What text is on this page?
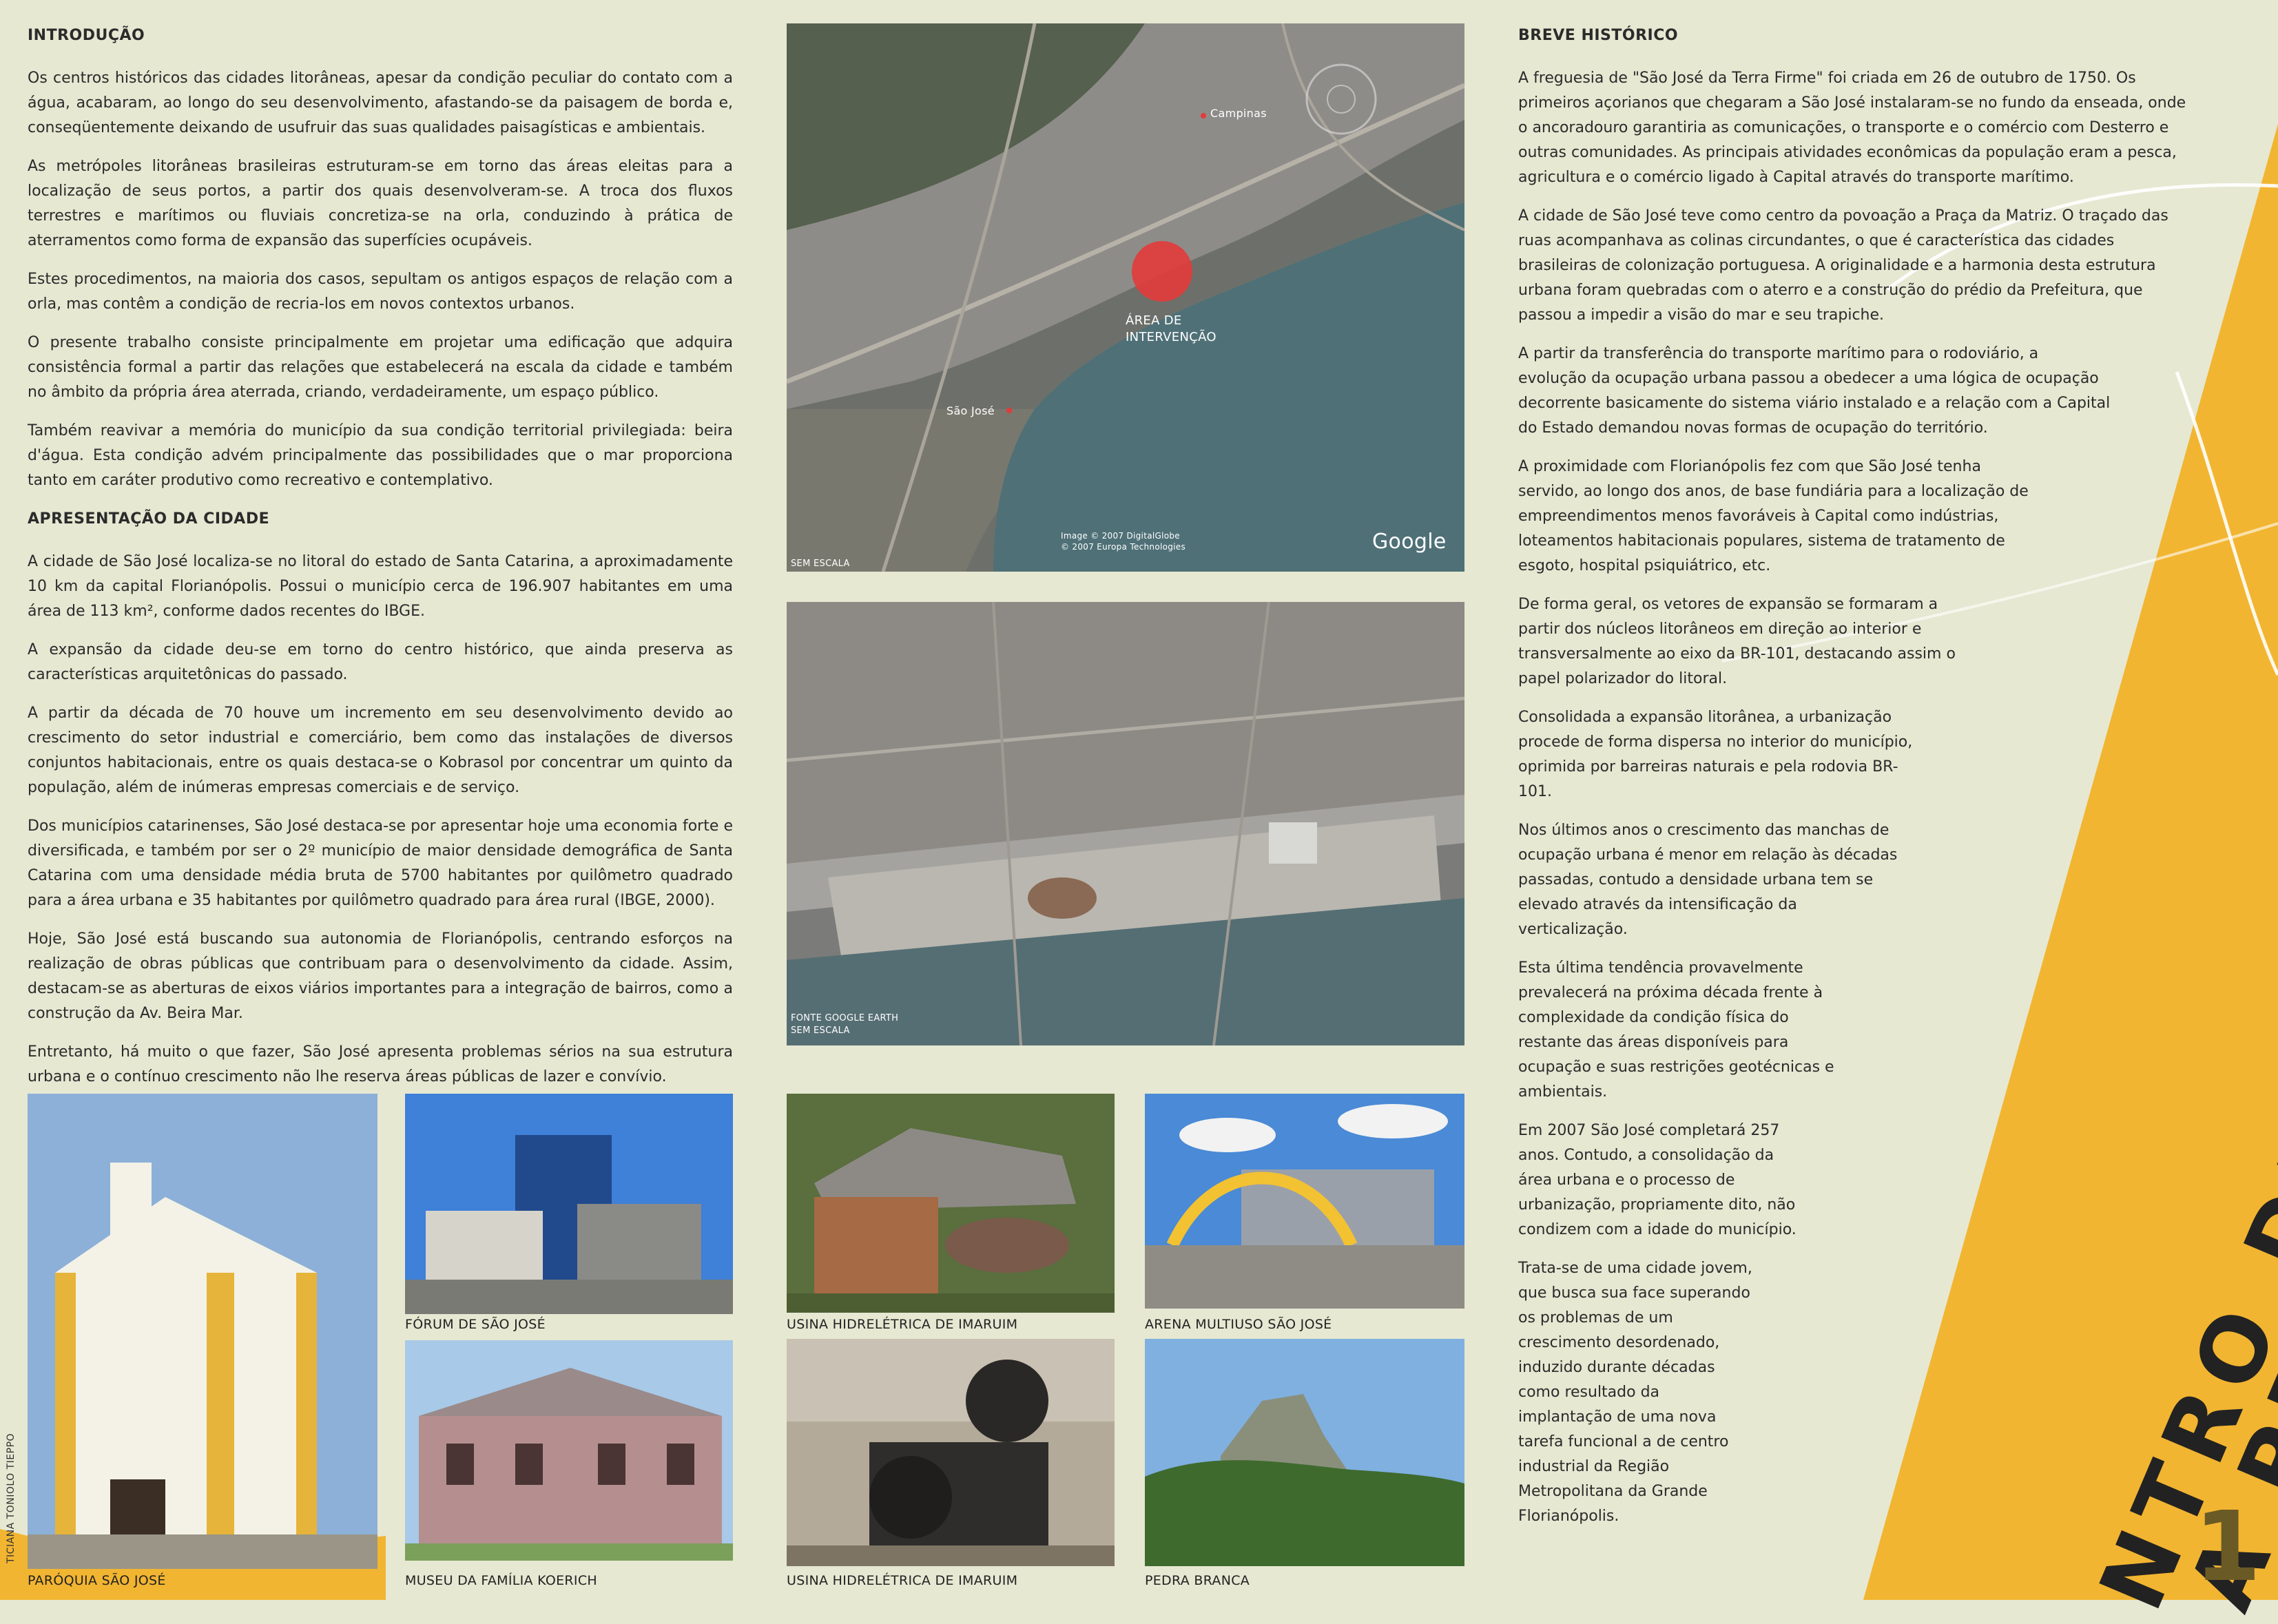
INTRODUÇÃO

Os centros históricos das cidades litorâneas, apesar da condição peculiar do contato com a água, acabaram, ao longo do seu desenvolvimento, afastando-se da paisagem de borda e, conseqüentemente deixando de usufruir das suas qualidades paisagísticas e ambientais.

As metrópoles litorâneas brasileiras estruturam-se em torno das áreas eleitas para a localização de seus portos, a partir dos quais desenvolveram-se. A troca dos fluxos terrestres e marítimos ou fluviais concretiza-se na orla, conduzindo à prática de aterramentos como forma de expansão das superfícies ocupáveis.

Estes procedimentos, na maioria dos casos, sepultam os antigos espaços de relação com a orla, mas contêm a condição de recria-los em novos contextos urbanos.

O presente trabalho consiste principalmente em projetar uma edificação que adquira consistência formal a partir das relações que estabelecerá na escala da cidade e também no âmbito da própria área aterrada, criando, verdadeiramente, um espaço público.

Também reavivar a memória do município da sua condição territorial privilegiada: beira d'água. Esta condição advém principalmente das possibilidades que o mar proporciona tanto em caráter produtivo como recreativo e contemplativo.

APRESENTAÇÃO DA CIDADE

A cidade de São José localiza-se no litoral do estado de Santa Catarina, a aproximadamente 10 km da capital Florianópolis. Possui o município cerca de 196.907 habitantes em uma área de 113 km², conforme dados recentes do IBGE.

A expansão da cidade deu-se em torno do centro histórico, que ainda preserva as características arquitetônicas do passado.

A partir da década de 70 houve um incremento em seu desenvolvimento devido ao crescimento do setor industrial e comerciário, bem como das instalações de diversos conjuntos habitacionais, entre os quais destaca-se o Kobrasol por concentrar um quinto da população, além de inúmeras empresas comerciais e de serviço.

Dos municípios catarinenses, São José destaca-se por apresentar hoje uma economia forte e diversificada, e também por ser o 2º município de maior densidade demográfica de Santa Catarina com uma densidade média bruta de 5700 habitantes por quilômetro quadrado para a área urbana e 35 habitantes por quilômetro quadrado para área rural (IBGE, 2000).

Hoje, São José está buscando sua autonomia de Florianópolis, centrando esforços na realização de obras públicas que contribuam para o desenvolvimento da cidade. Assim, destacam-se as aberturas de eixos viários importantes para a integração de bairros, como a construção da Av. Beira Mar.

Entretanto, há muito o que fazer, São José apresenta problemas sérios na sua estrutura urbana e o contínuo crescimento não lhe reserva áreas públicas de lazer e convívio.

Campinas
São José
ÁREA DE INTERVENÇÃO
Image © 2007 DigitalGlobe
© 2007 Europa Technologies	Google
SEM ESCALA
FONTE GOOGLE EARTH
SEM ESCALA
PARÓQUIA SÃO JOSÉ
FÓRUM DE SÃO JOSÉ
MUSEU DA FAMÍLIA KOERICH
USINA HIDRELÉTRICA DE IMARUIM
USINA HIDRELÉTRICA DE IMARUIM
ARENA MULTIUSO SÃO JOSÉ
PEDRA BRANCA
BREVE HISTÓRICO

A freguesia de "São José da Terra Firme" foi criada em 26 de outubro de 1750. Os primeiros açorianos que chegaram a São José instalaram-se no fundo da enseada, onde o ancoradouro garantiria as comunicações, o transporte e o comércio com Desterro e outras comunidades. As principais atividades econômicas da população eram a pesca, agricultura e o comércio ligado à Capital através do transporte marítimo.

A cidade de São José teve como centro da povoação a Praça da Matriz. O traçado das ruas acompanhava as colinas circundantes, o que é característica das cidades brasileiras de colonização portuguesa. A originalidade e a harmonia desta estrutura urbana foram quebradas com o aterro e a construção do prédio da Prefeitura, que passou a impedir a visão do mar e seu trapiche.

A partir da transferência do transporte marítimo para o rodoviário, a evolução da ocupação urbana passou a obedecer a uma lógica de ocupação decorrente basicamente do sistema viário instalado e a relação com a Capital do Estado demandou novas formas de ocupação do território.

A proximidade com Florianópolis fez com que São José tenha servido, ao longo dos anos, de base fundiária para a localização de empreendimentos menos favoráveis à Capital como indústrias, loteamentos habitacionais populares, sistema de tratamento de esgoto, hospital psiquiátrico, etc.

De forma geral, os vetores de expansão se formaram a partir dos núcleos litorâneos em direção ao interior e transversalmente ao eixo da BR-101, destacando assim o papel polarizador do litoral.

Consolidada a expansão litorânea, a urbanização procede de forma dispersa no interior do município, oprimida por barreiras naturais e pela rodovia BR-101.

Nos últimos anos o crescimento das manchas de ocupação urbana é menor em relação às décadas passadas, contudo a densidade urbana tem se elevado através da intensificação da verticalização.

Esta última tendência provavelmente prevalecerá na próxima década frente à complexidade da condição física do restante das áreas disponíveis para ocupação e suas restrições geotécnicas e ambientais.

Em 2007 São José completará 257 anos. Contudo, a consolidação da área urbana e o processo de urbanização, propriamente dito, não condizem com a idade do município.

Trata-se de uma cidade jovem, que busca sua face superando os problemas de um crescimento desordenado, induzido durante décadas como resultado da implantação de uma nova tarefa funcional a de centro industrial da Região Metropolitana da Grande Florianópolis.	1
TICIANA TONIOLO TIEPPO
